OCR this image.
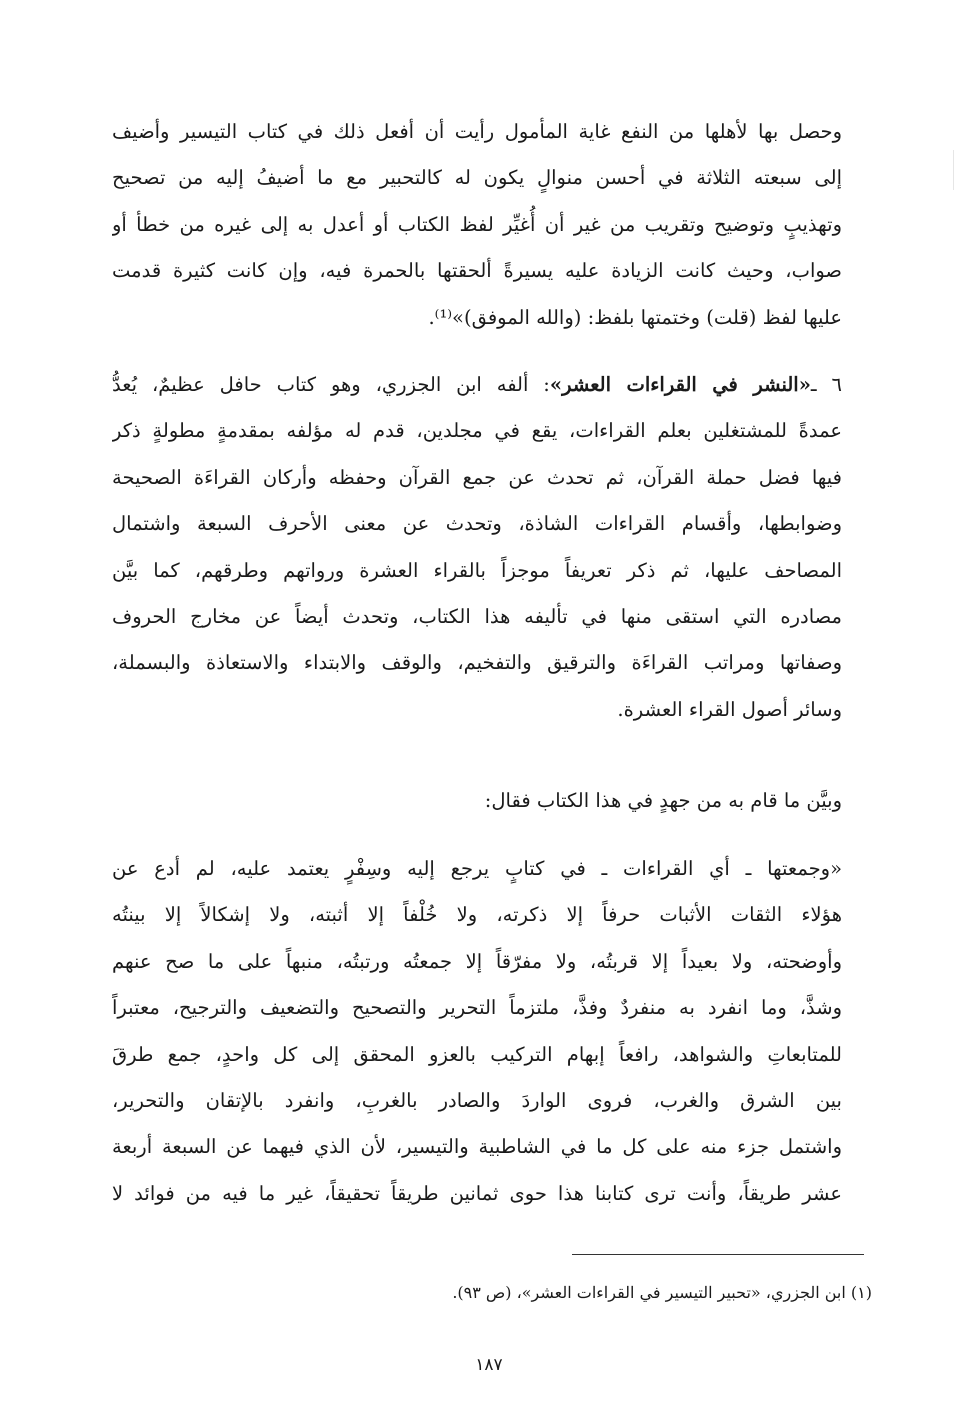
وحصل بها لأهلها من النفع غاية المأمول رأيت أن أفعل ذلك في كتاب التيسير وأضيف
إلى سبعته الثلاثة في أحسن منوالٍ يكون له كالتحبير مع ما أضيفُ إليه من تصحيح
وتهذيبٍ وتوضيح وتقريب من غير أن أُغيِّر لفظ الكتاب أو أعدل به إلى غيره من خطأ أو
صواب، وحيث كانت الزيادة عليه يسيرةً ألحقتها بالحمرة فيه، وإن كانت كثيرة قدمت
عليها لفظ (قلت) وختمتها بلفظ: (والله الموفق)»⁽¹⁾.
٦ ـ«النشر في القراءات العشر»: ألفه ابن الجزري، وهو كتاب حافل عظيمٌ، يُعدُّ
عمدةً للمشتغلين بعلم القراءات، يقع في مجلدين، قدم له مؤلفه بمقدمةٍ مطولةٍ ذكر
فيها فضل حملة القرآن، ثم تحدث عن جمع القرآن وحفظه وأركان القراءَة الصحيحة
وضوابطها، وأقسام القراءات الشاذة، وتحدث عن معنى الأحرف السبعة واشتمال
المصاحف عليها، ثم ذكر تعريفاً موجزاً بالقراء العشرة ورواتهم وطرقهم، كما بيَّن
مصادره التي استقى منها في تأليفه هذا الكتاب، وتحدث أيضاً عن مخارج الحروف
وصفاتها ومراتب القراءَة والترقيق والتفخيم، والوقف والابتداء والاستعاذة والبسملة،
وسائر أصول القراء العشرة.
وبيَّن ما قام به من جهدٍ في هذا الكتاب فقال:
«وجمعتها ـ أي القراءات ـ في كتابٍ يرجع إليه وسِفْرٍ يعتمد عليه، لم أدع عن
هؤلاء الثقات الأثبات حرفاً إلا ذكرته، ولا خُلْفاً إلا أثبته، ولا إشكالاً إلا بينتُه
وأوضحته، ولا بعيداً إلا قربتُه، ولا مفرّقاً إلا جمعتُه ورتبتُه، منبهاً على ما صح عنهم
وشذَّ، وما انفرد به منفردٌ وفذَّ، ملتزماً التحرير والتصحيح والتضعيف والترجيح، معتبراً
للمتابعاتِ والشواهد، رافعاً إبهام التركيب بالعزو المحقق إلى كل واحدٍ، جمع طرقَ
بين الشرق والغرب، فروى الواردَ والصادر بالغربِ، وانفرد بالإتقان والتحرير،
واشتمل جزء منه على كل ما في الشاطبية والتيسير، لأن الذي فيهما عن السبعة أربعة
عشر طريقاً، وأنت ترى كتابنا هذا حوى ثمانين طريقاً تحقيقاً، غير ما فيه من فوائد لا
(١) ابن الجزري، «تحبير التيسير في القراءات العشر»، (ص ٩٣).
١٨٧
